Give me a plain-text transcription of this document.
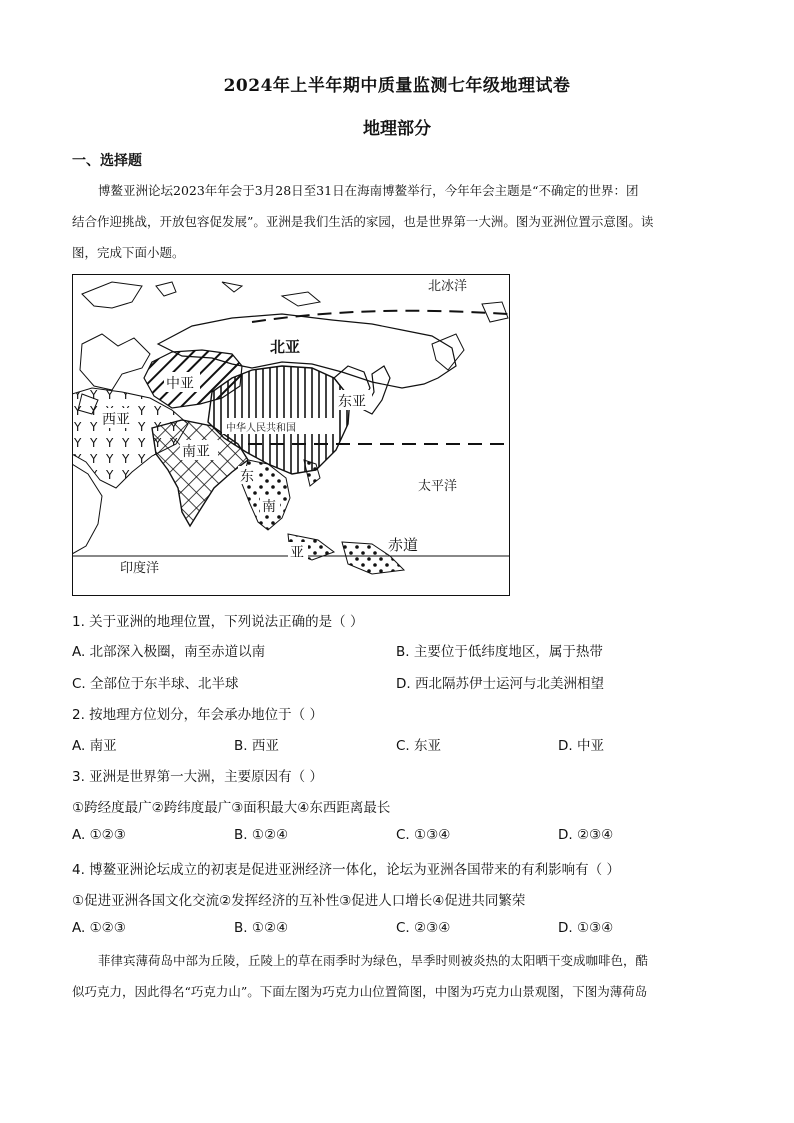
2024年上半年期中质量监测七年级地理试卷
地理部分
一、选择题
博鳌亚洲论坛2023年年会于3月28日至31日在海南博鳌举行，今年年会主题是“不确定的世界：团
结合作迎挑战，开放包容促发展”。亚洲是我们生活的家园，也是世界第一大洲。图为亚洲位置示意图。读
图，完成下面小题。
北冰洋
北亚
中亚
东亚
西亚
中华人民共和国
南亚
东
南
亚
太平洋
赤道
印度洋
1. 关于亚洲的地理位置，下列说法正确的是（ ）
A. 北部深入极圈，南至赤道以南	B. 主要位于低纬度地区，属于热带
C. 全部位于东半球、北半球	D. 西北隔苏伊士运河与北美洲相望
2. 按地理方位划分，年会承办地位于（ ）
A. 南亚	B. 西亚	C. 东亚	D. 中亚
3. 亚洲是世界第一大洲，主要原因有（ ）
①跨经度最广②跨纬度最广③面积最大④东西距离最长
A. ①②③	B. ①②④	C. ①③④	D. ②③④
4. 博鳌亚洲论坛成立的初衷是促进亚洲经济一体化，论坛为亚洲各国带来的有利影响有（ ）
①促进亚洲各国文化交流②发挥经济的互补性③促进人口增长④促进共同繁荣
A. ①②③	B. ①②④	C. ②③④	D. ①③④
菲律宾薄荷岛中部为丘陵，丘陵上的草在雨季时为绿色，旱季时则被炎热的太阳晒干变成咖啡色，酷
似巧克力，因此得名“巧克力山”。下面左图为巧克力山位置简图，中图为巧克力山景观图，下图为薄荷岛
